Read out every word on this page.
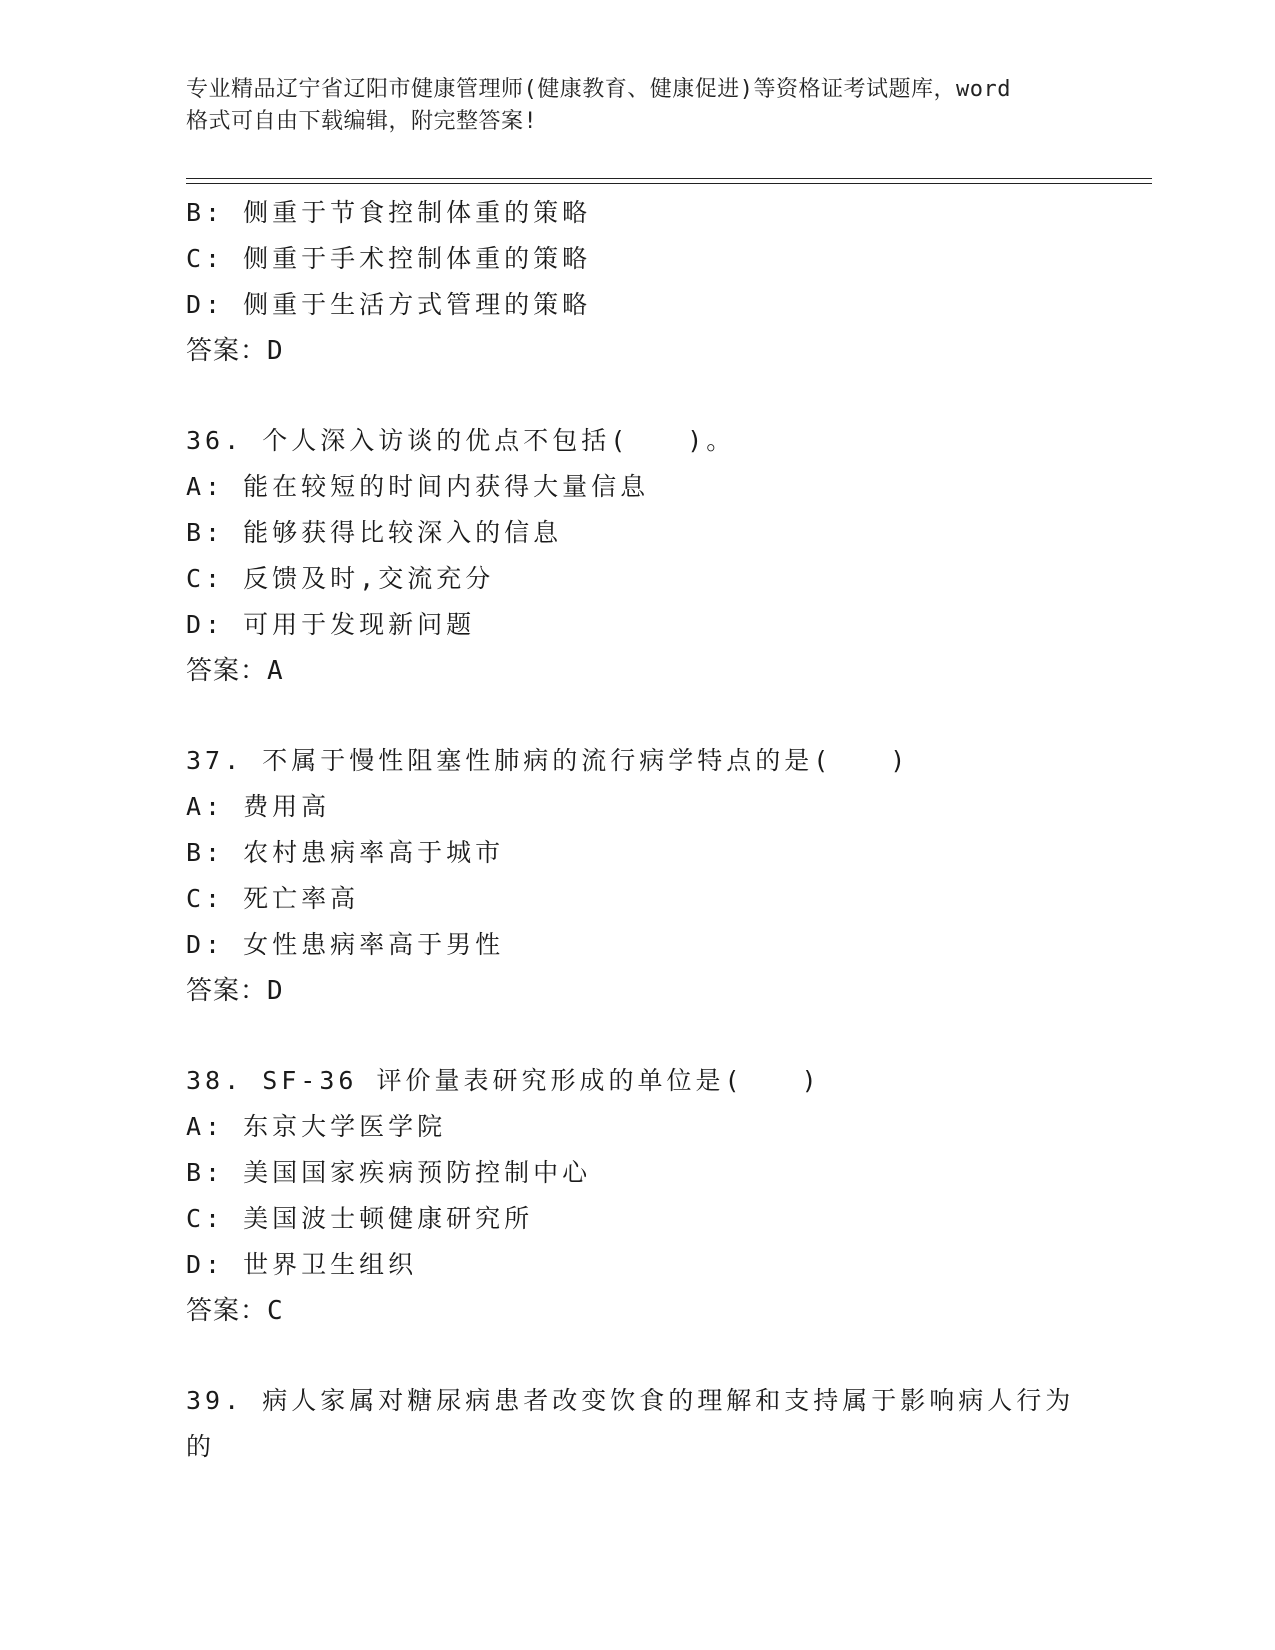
专业精品辽宁省辽阳市健康管理师(健康教育、健康促进)等资格证考试题库，word
格式可自由下载编辑，附完整答案!
B: 侧重于节食控制体重的策略
C: 侧重于手术控制体重的策略
D: 侧重于生活方式管理的策略
答案：D
36. 个人深入访谈的优点不包括(　　)。
A: 能在较短的时间内获得大量信息
B: 能够获得比较深入的信息
C: 反馈及时,交流充分
D: 可用于发现新问题
答案：A
37. 不属于慢性阻塞性肺病的流行病学特点的是(　　)
A: 费用高
B: 农村患病率高于城市
C: 死亡率高
D: 女性患病率高于男性
答案：D
38. SF-36 评价量表研究形成的单位是(　　)
A: 东京大学医学院
B: 美国国家疾病预防控制中心
C: 美国波士顿健康研究所
D: 世界卫生组织
答案：C
39. 病人家属对糖尿病患者改变饮食的理解和支持属于影响病人行为
的
